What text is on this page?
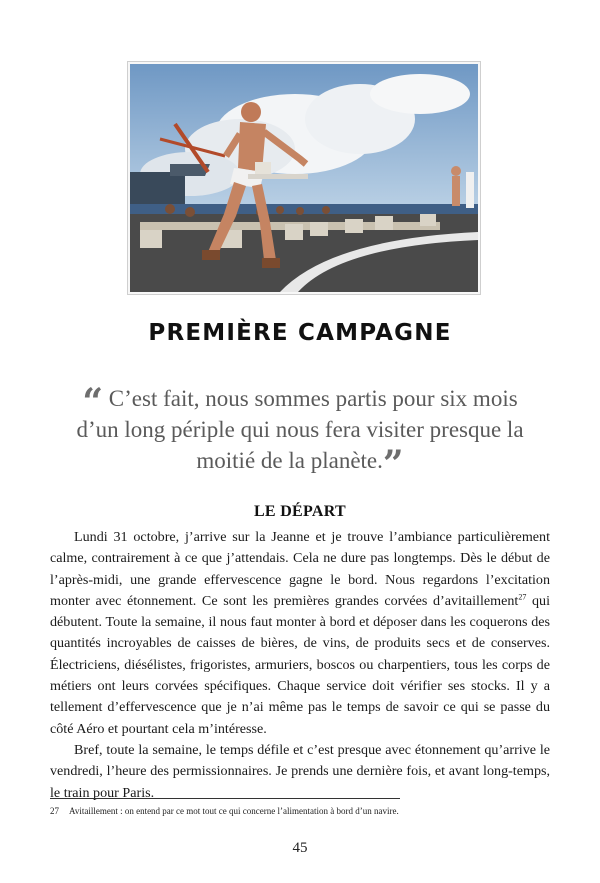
PREMIÈRE CAMPAGNE
“ C’est fait, nous sommes partis pour six mois
d’un long périple qui nous fera visiter presque la
moitié de la planète.”
LE DÉPART

Lundi 31 octobre, j’arrive sur la Jeanne et je trouve l’ambiance particulièrement calme, contrairement à ce que j’attendais. Cela ne dure pas longtemps. Dès le début de l’après-midi, une grande effervescence gagne le bord. Nous regardons l’excitation monter avec étonnement. Ce sont les premières grandes corvées d’avitaillement$^{27}$ qui débutent. Toute la semaine, il nous faut monter à bord et déposer dans les coquerons des quantités incroyables de caisses de bières, de vins, de produits secs et de conserves. Électriciens, diésélistes, frigoristes, armuriers, boscos ou charpentiers, tous les corps de métiers ont leurs corvées spécifiques. Chaque service doit vérifier ses stocks. Il y a tellement d’effervescence que je n’ai même pas le temps de savoir ce qui se passe du côté Aéro et pourtant cela m’intéresse.

Bref, toute la semaine, le temps défile et c’est presque avec étonnement qu’arrive le vendredi, l’heure des permissionnaires. Je prends une dernière fois, et avant long-temps, le train pour Paris.

27 Avitaillement : on entend par ce mot tout ce qui concerne l’alimentation à bord d’un navire.
45
